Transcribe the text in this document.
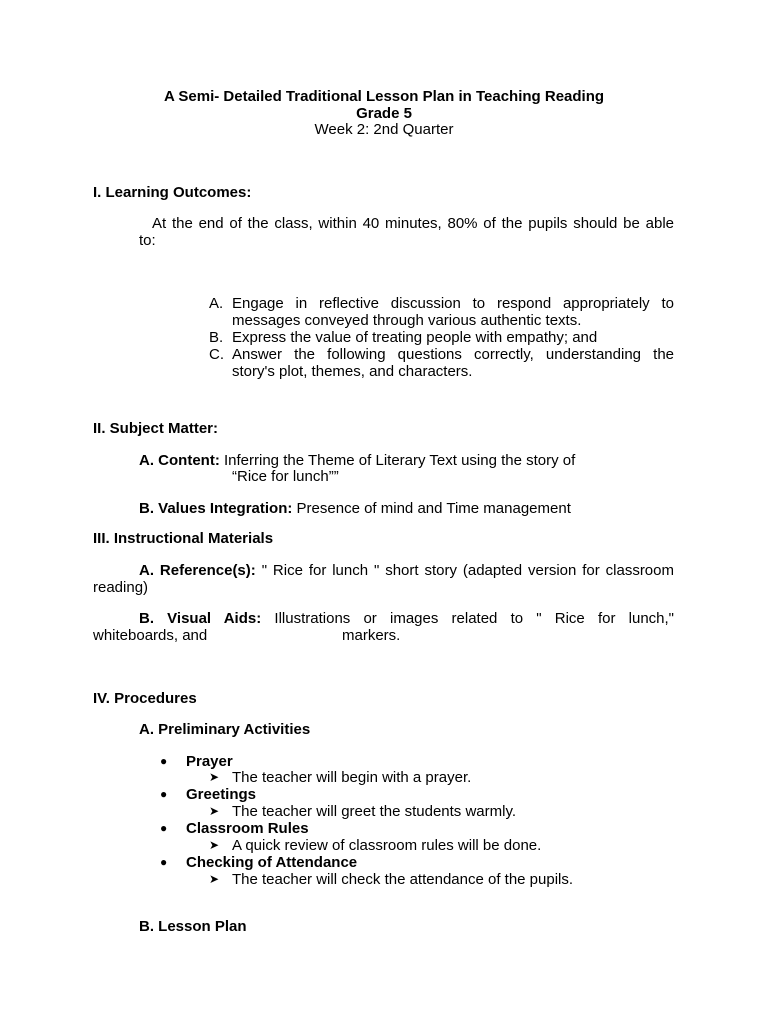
A Semi- Detailed Traditional Lesson Plan in Teaching Reading
Grade 5
Week 2: 2nd Quarter
I. Learning Outcomes:
At the end of the class, within 40 minutes, 80% of the pupils should be able
to:
A. Engage in reflective discussion to respond appropriately to
messages conveyed through various authentic texts.
B. Express the value of treating people with empathy; and
C. Answer the following questions correctly, understanding the
story's plot, themes, and characters.
II. Subject Matter:
A. Content: Inferring the Theme of Literary Text using the story of
“Rice for lunch””
B. Values Integration: Presence of mind and Time management
III. Instructional Materials
A. Reference(s): " Rice for lunch " short story (adapted version for classroom
reading)
B. Visual Aids: Illustrations or images related to " Rice for lunch,"
whiteboards, and	markers.
IV. Procedures
A. Preliminary Activities
● Prayer
➤ The teacher will begin with a prayer.
● Greetings
➤ The teacher will greet the students warmly.
● Classroom Rules
➤ A quick review of classroom rules will be done.
● Checking of Attendance
➤ The teacher will check the attendance of the pupils.
B. Lesson Plan
